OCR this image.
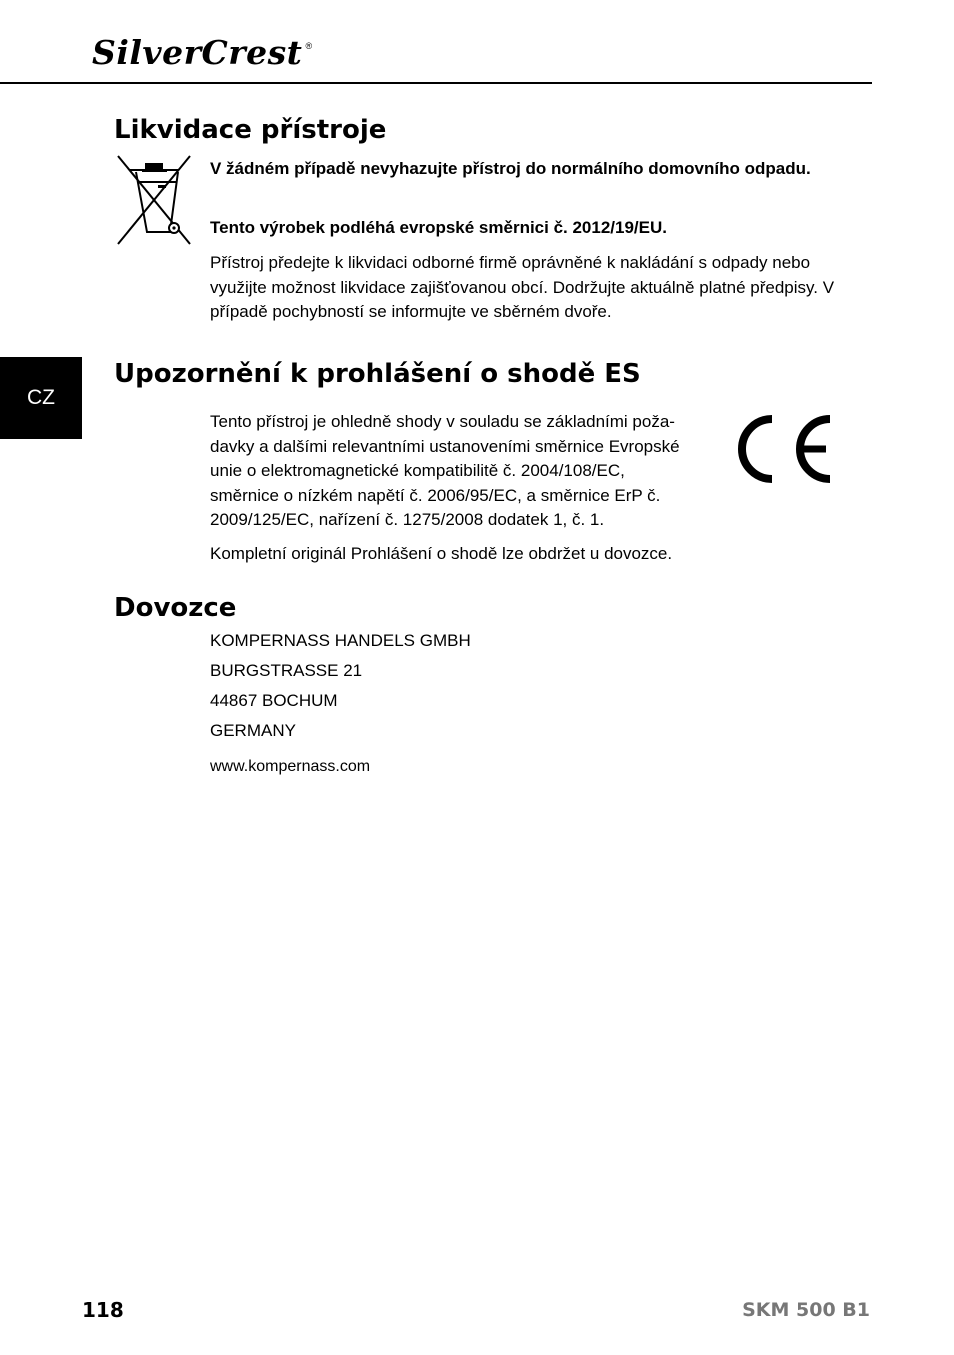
SilverCrest ®
CZ
Likvidace přístroje

V žádném případě nevyhazujte přístroj do normálního domovního odpadu.

Tento výrobek podléhá evropské směrnici č. 2012/19/EU.

Přístroj předejte k likvidaci odborné firmě oprávněné k nakládání s odpady nebo využijte možnost likvidace zajišťovanou obcí. Dodržujte aktuálně platné předpisy. V případě pochybností se informujte ve sběrném dvoře.

Upozornění k prohlášení o shodě ES
Tento přístroj je ohledně shody v souladu se základními poža-
davky a dalšími relevantními ustanoveními směrnice Evropské
unie o elektromagnetické kompatibilitě č. 2004/108/EC,
směrnice o nízkém napětí č. 2006/95/EC, a směrnice ErP č.
2009/125/EC, nařízení č. 1275/2008 dodatek 1, č. 1.

Kompletní originál Prohlášení o shodě lze obdržet u dovozce.

Dovozce
KOMPERNASS HANDELS GMBH
BURGSTRASSE 21
44867 BOCHUM
GERMANY
www.kompernass.com
118	SKM 500 B1
